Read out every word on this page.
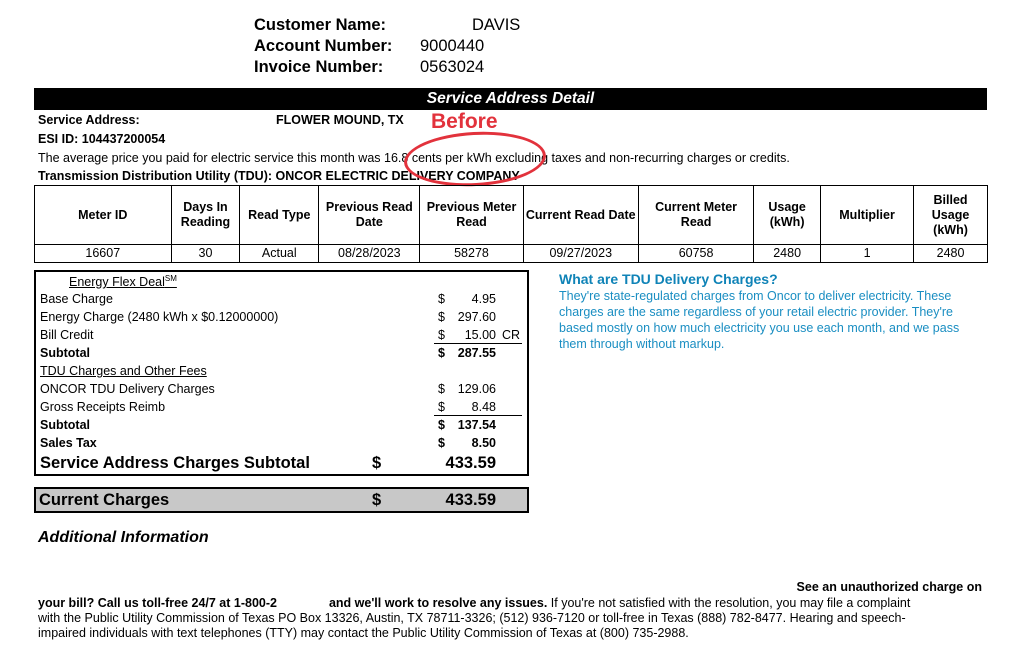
Customer Name:	DAVIS
Account Number: 9000440
Invoice Number: 0563024
Service Address Detail
Service Address:	FLOWER MOUND, TX
ESI ID: 104437200054
The average price you paid for electric service this month was 16.8 cents per kWh excluding taxes and non-recurring charges or credits.
Transmission Distribution Utility (TDU): ONCOR ELECTRIC DELIVERY COMPANY
Before
Meter ID	Days In Reading	Read Type	Previous Read Date	Previous Meter Read	Current Read Date	Current Meter Read	Usage (kWh)	Multiplier	Billed Usage (kWh)
16607	30	Actual	08/28/2023	58278	09/27/2023	60758	2480	1	2480
Energy Flex Deal℠
Base Charge	$ 4.95
Energy Charge (2480 kWh x $0.12000000)	$ 297.60
Bill Credit	$ 15.00 CR
Subtotal	$ 287.55
TDU Charges and Other Fees
ONCOR TDU Delivery Charges	$ 129.06
Gross Receipts Reimb	$ 8.48
Subtotal	$ 137.54
Sales Tax	$ 8.50
Service Address Charges Subtotal	$	433.59
Current Charges	$	433.59
What are TDU Delivery Charges?
They're state-regulated charges from Oncor to deliver electricity. These charges are the same regardless of your retail electric provider. They're based mostly on how much electricity you use each month, and we pass them through without markup.
Additional Information
See an unauthorized charge on
your bill? Call us toll-free 24/7 at 1-800-2	and we'll work to resolve any issues. If you're not satisfied with the resolution, you may file a complaint
with the Public Utility Commission of Texas PO Box 13326, Austin, TX 78711-3326; (512) 936-7120 or toll-free in Texas (888) 782-8477. Hearing and speech-
impaired individuals with text telephones (TTY) may contact the Public Utility Commission of Texas at (800) 735-2988.
